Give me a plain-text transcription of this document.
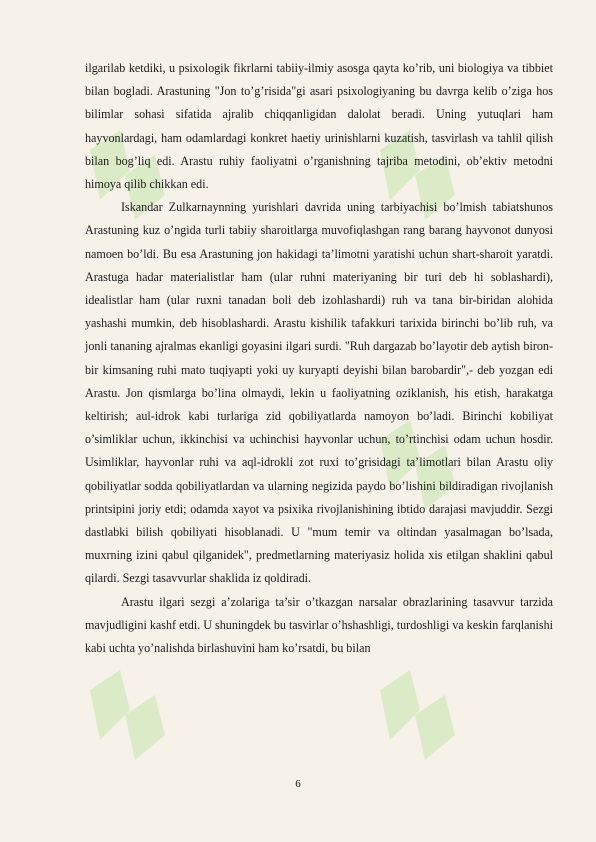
ilgarilab ketdiki, u psixologik fikrlarni tabiiy-ilmiy asosga qayta ko’rib, uni biologiya va tibbiet bilan bogladi. Arastuning "Jon to’g’risida"gi asari psixologiyaning bu davrga kelib o’ziga hos bilimlar sohasi sifatida ajralib chiqqanligidan dalolat beradi. Uning yutuqlari ham hayvonlardagi, ham odamlardagi konkret haetiy urinishlarni kuzatish, tasvirlash va tahlil qilish bilan bog’liq edi. Arastu ruhiy faoliyatni o’rganishning tajriba metodini, ob’ektiv metodni himoya qilib chikkan edi.

Iskandar Zulkarnaynning yurishlari davrida uning tarbiyachisi bo’lmish tabiatshunos Arastuning kuz o’ngida turli tabiiy sharoitlarga muvofiqlashgan rang barang hayvonot dunyosi namoen bo’ldi. Bu esa Arastuning jon hakidagi ta’limotni yaratishi uchun shart-sharoit yaratdi. Arastuga hadar materialistlar ham (ular ruhni materiyaning bir turi deb hi soblashardi), idealistlar ham (ular ruxni tanadan boli deb izohlashardi) ruh va tana bir-biridan alohida yashashi mumkin, deb hisoblashardi. Arastu kishilik tafakkuri tarixida birinchi bo’lib ruh, va jonli tananing ajralmas ekanligi goyasini ilgari surdi. "Ruh dargazab bo’layotir deb aytish biron- bir kimsaning ruhi mato tuqiyapti yoki uy kuryapti deyishi bilan barobardir",- deb yozgan edi Arastu. Jon qismlarga bo’lina olmaydi, lekin u faoliyatning oziklanish, his etish, harakatga keltirish; aul-idrok kabi turlariga zid qobiliyatlarda namoyon bo’ladi. Birinchi kobiliyat o’simliklar uchun, ikkinchisi va uchinchisi hayvonlar uchun, to’rtinchisi odam uchun hosdir. Usimliklar, hayvonlar ruhi va aql-idrokli zot ruxi to’grisidagi ta’limotlari bilan Arastu oliy qobiliyatlar sodda qobiliyatlardan va ularning negizida paydo bo’lishini bildiradigan rivojlanish printsipini joriy etdi; odamda xayot va psixika rivojlanishining ibtido darajasi mavjuddir. Sezgi dastlabki bilish qobiliyati hisoblanadi. U "mum temir va oltindan yasalmagan bo’lsada, muxrning izini qabul qilganidek", predmetlarning materiyasiz holida xis etilgan shaklini qabul qilardi. Sezgi tasavvurlar shaklida iz qoldiradi.

Arastu ilgari sezgi a’zolariga ta’sir o’tkazgan narsalar obrazlarining tasavvur tarzida mavjudligini kashf etdi. U shuningdek bu tasvirlar o’hshashligi, turdoshligi va keskin farqlanishi kabi uchta yo’nalishda birlashuvini ham ko’rsatdi, bu bilan

6
